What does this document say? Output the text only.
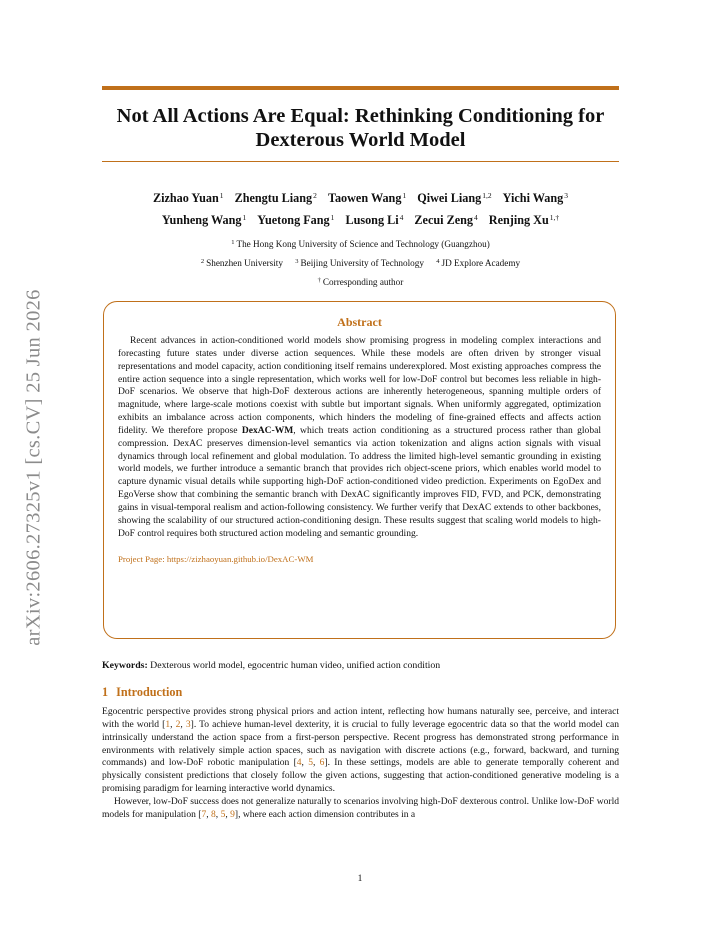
arXiv:2606.27325v1 [cs.CV] 25 Jun 2026
Not All Actions Are Equal: Rethinking Conditioning for Dexterous World Model
Zizhao Yuan$^1$ Zhengtu Liang$^2$ Taowen Wang$^1$ Qiwei Liang$^{1,2}$ Yichi Wang$^3$
Yunheng Wang$^1$ Yuetong Fang$^1$ Lusong Li$^4$ Zecui Zeng$^4$ Renjing $Xu^{1,\dagger}$
$^1$ The Hong Kong University of Science and Technology (Guangzhou)
$^2$ Shenzhen University $^3$ Beijing University of Technology $^4$ JD Explore Academy
† Corresponding author
Abstract
Recent advances in action-conditioned world models show promising progress in modeling complex interactions and forecasting future states under diverse action sequences. While these models are often driven by stronger visual representations and model capacity, action conditioning itself remains underexplored. Most existing approaches compress the entire action sequence into a single representation, which works well for low-DoF control but becomes less reliable in high-DoF scenarios. We observe that high-DoF dexterous actions are inherently heterogeneous, spanning multiple orders of magnitude, where large-scale motions coexist with subtle but important signals. When uniformly aggregated, optimization exhibits an imbalance across action components, which hinders the modeling of fine-grained effects and affects action fidelity. We therefore propose DexAC-WM, which treats action conditioning as a structured process rather than global compression. DexAC preserves dimension-level semantics via action tokenization and aligns action signals with visual dynamics through local refinement and global modulation. To address the limited high-level semantic grounding in existing world models, we further introduce a semantic branch that provides rich object-scene priors, which enables world model to capture dynamic visual details while supporting high-DoF action-conditioned video prediction. Experiments on EgoDex and EgoVerse show that combining the semantic branch with DexAC significantly improves FID, FVD, and PCK, demonstrating gains in visual-temporal realism and action-following consistency. We further verify that DexAC extends to other backbones, showing the scalability of our structured action-conditioning design. These results suggest that scaling world models to high-DoF control requires both structured action modeling and semantic grounding.
Project Page: https://zizhaoyuan.github.io/DexAC-WM
Keywords: Dexterous world model, egocentric human video, unified action condition
1 Introduction

Egocentric perspective provides strong physical priors and action intent, reflecting how humans naturally see, perceive, and interact with the world [1, 2, 3]. To achieve human-level dexterity, it is crucial to fully leverage egocentric data so that the world model can intrinsically understand the action space from a first-person perspective. Recent progress has demonstrated strong performance in environments with relatively simple action spaces, such as navigation with discrete actions (e.g., forward, backward, and turning commands) and low-DoF robotic manipulation [4, 5, 6]. In these settings, models are able to generate temporally coherent and physically consistent predictions that closely follow the given actions, suggesting that action-conditioned generative modeling is a promising paradigm for learning interactive world dynamics.

However, low-DoF success does not generalize naturally to scenarios involving high-DoF dexterous control. Unlike low-DoF world models for manipulation [7, 8, 5, 9], where each action dimension contributes in a

1
